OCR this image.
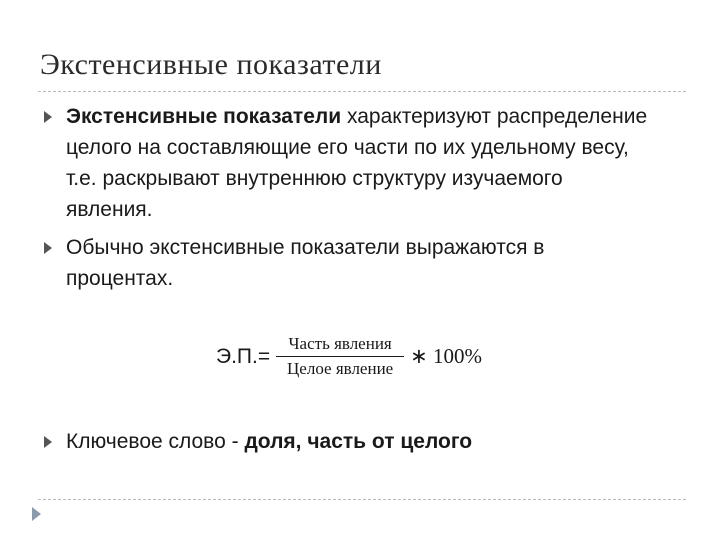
Экстенсивные показатели
Экстенсивные показатели характеризуют распределение целого на составляющие его части по их удельному весу, т.е. раскрывают внутреннюю структуру изучаемого явления.
Обычно экстенсивные показатели выражаются в процентах.
$Э.П.= \frac{\text{Часть явления}}{\text{Целое явление}}$ ∗ 100%
Ключевое слово - доля, часть от целого
